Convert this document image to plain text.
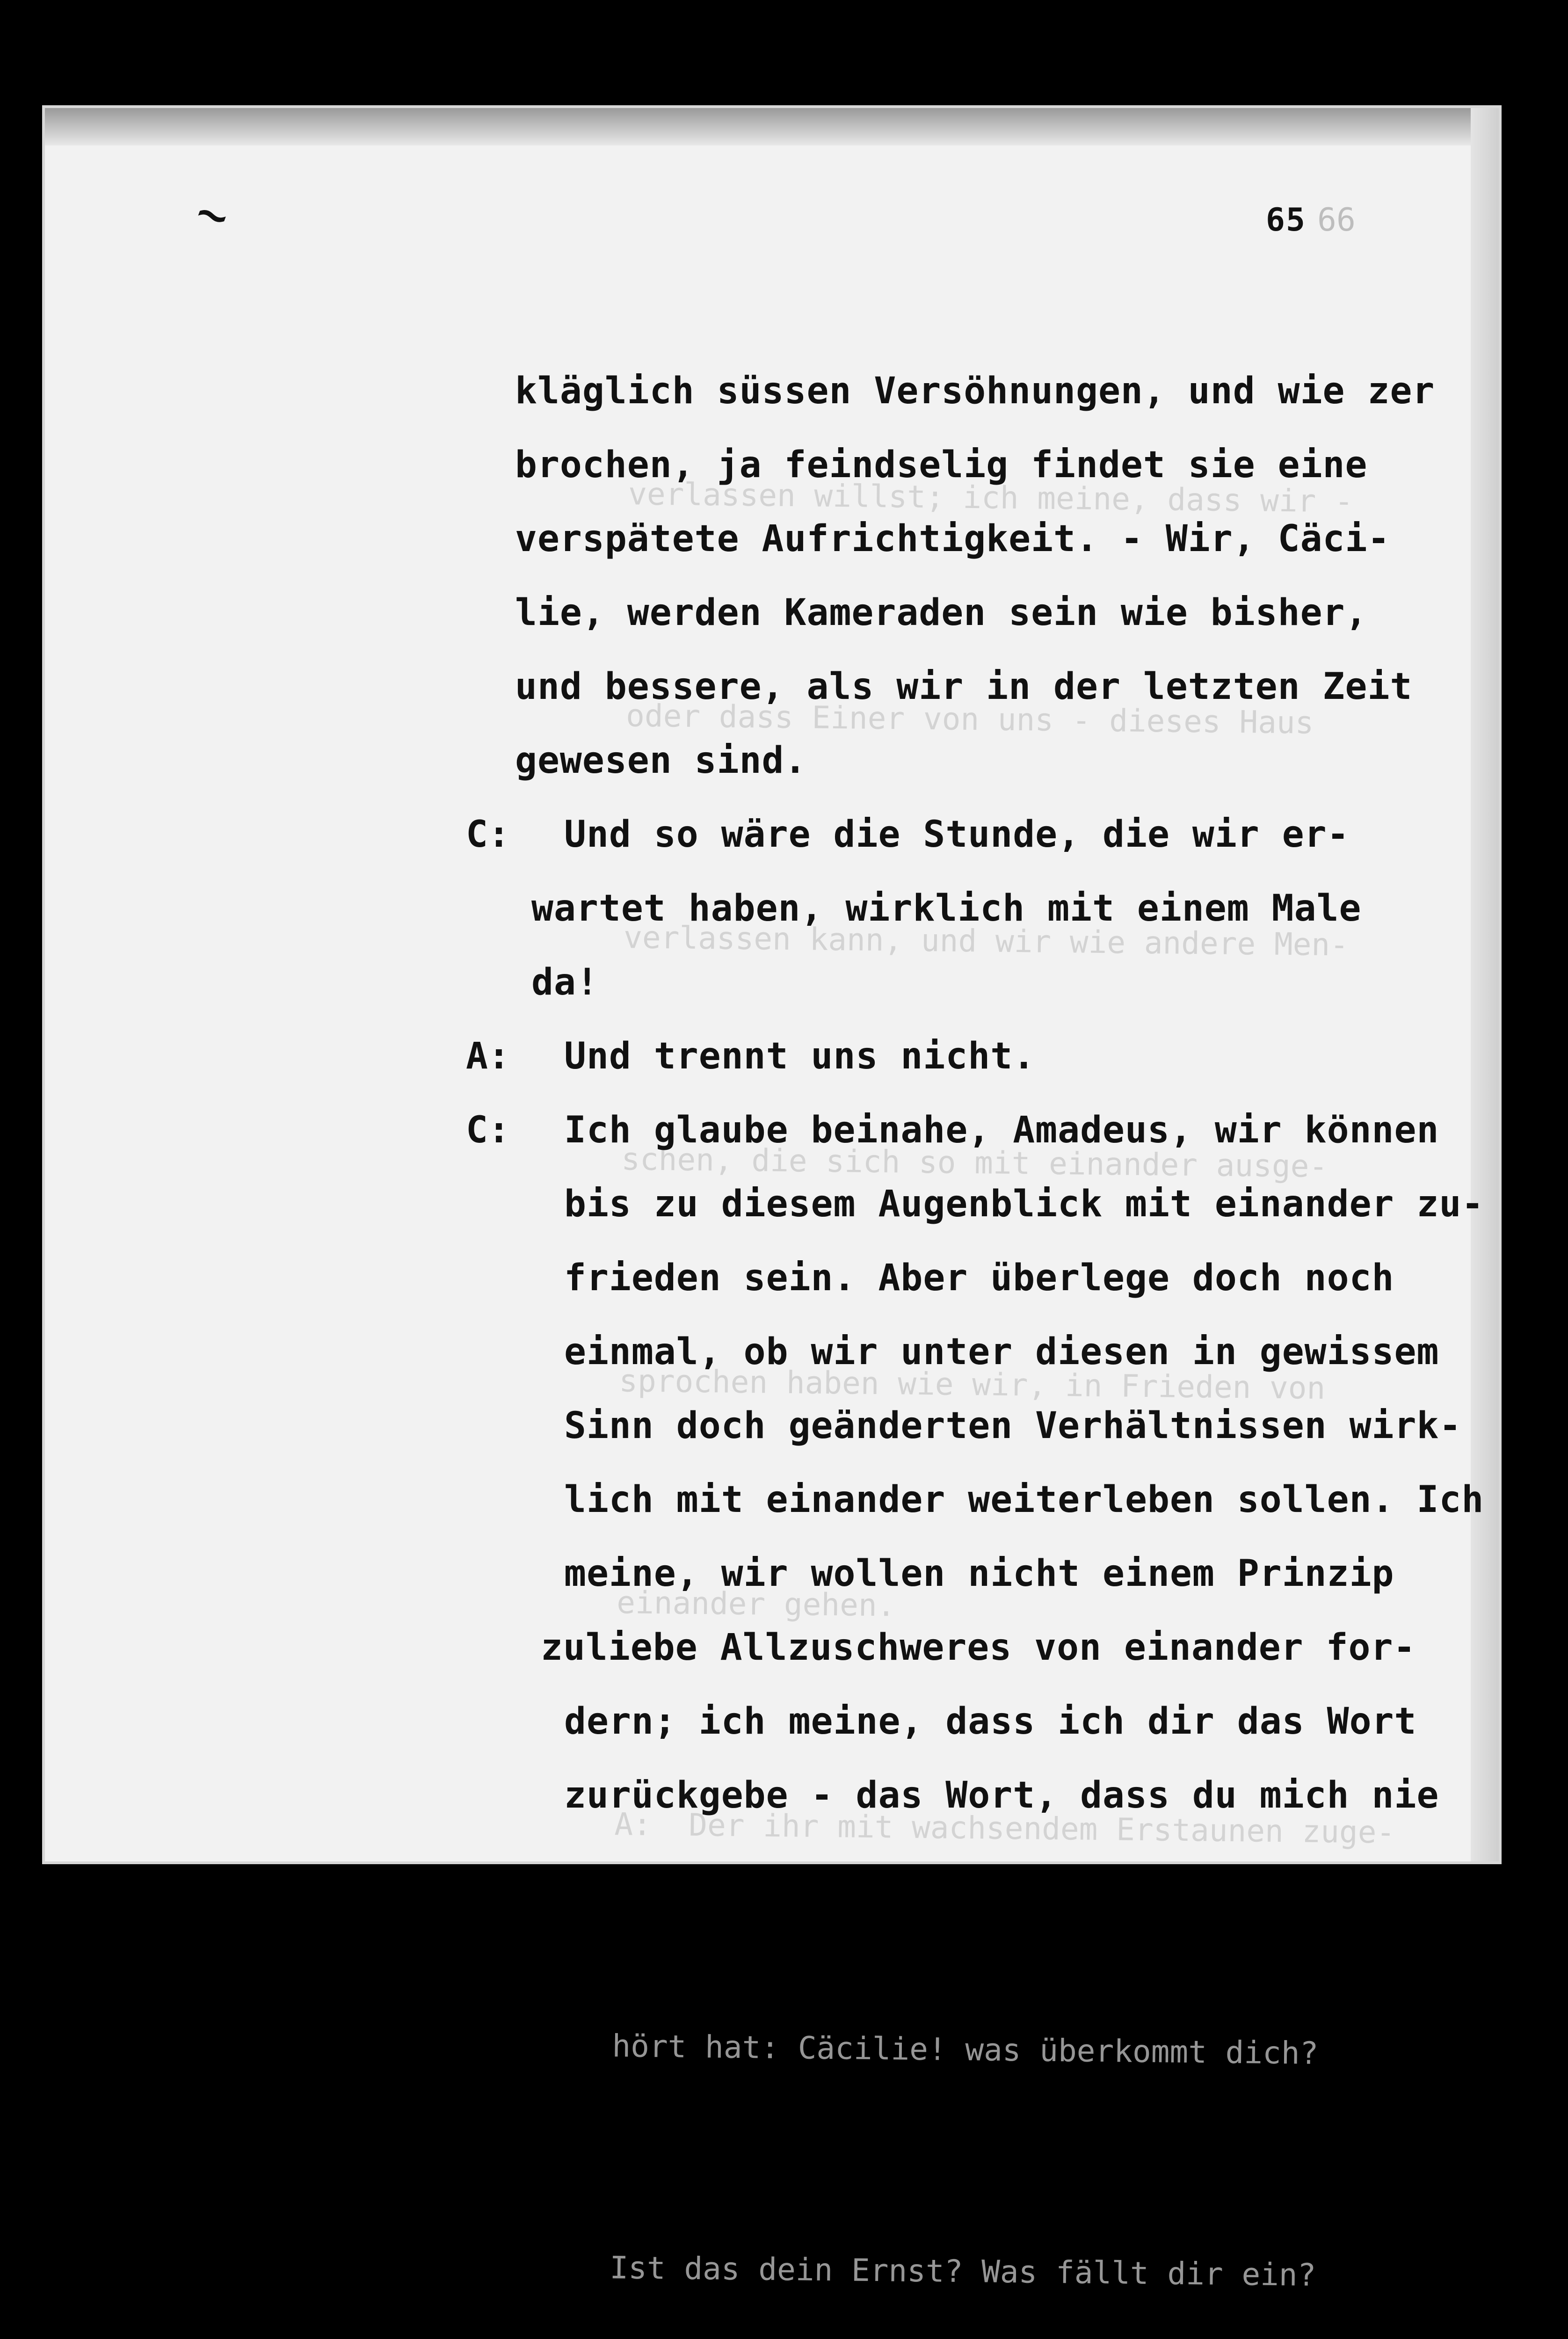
~	65 66

verlassen willst; ich meine, dass wir -

oder dass Einer von uns - dieses Haus

verlassen kann, und wir wie andere Men-

schen, die sich so mit einander ausge-

sprochen haben wie wir, in Frieden von

einander gehen.

A:  Der ihr mit wachsendem Erstaunen zuge-

hört hat: Cäcilie! was überkommt dich?

Ist das dein Ernst? Was fällt dir ein?

kläglich süssen Versöhnungen, und wie zer
brochen, ja feindselig findet sie eine
verspätete Aufrichtigkeit. - Wir, Cäci-
lie, werden Kameraden sein wie bisher,
und bessere, als wir in der letzten Zeit
gewesen sind.
C: Und so wäre die Stunde, die wir er-
wartet haben, wirklich mit einem Male
da!
A: Und trennt uns nicht.
C: Ich glaube beinahe, Amadeus, wir können
bis zu diesem Augenblick mit einander zu-
frieden sein. Aber überlege doch noch
einmal, ob wir unter diesen in gewissem
Sinn doch geänderten Verhältnissen wirk-
lich mit einander weiterleben sollen. Ich
meine, wir wollen nicht einem Prinzip
zuliebe Allzuschweres von einander for-
dern; ich meine, dass ich dir das Wort
zurückgebe - das Wort, dass du mich nie
